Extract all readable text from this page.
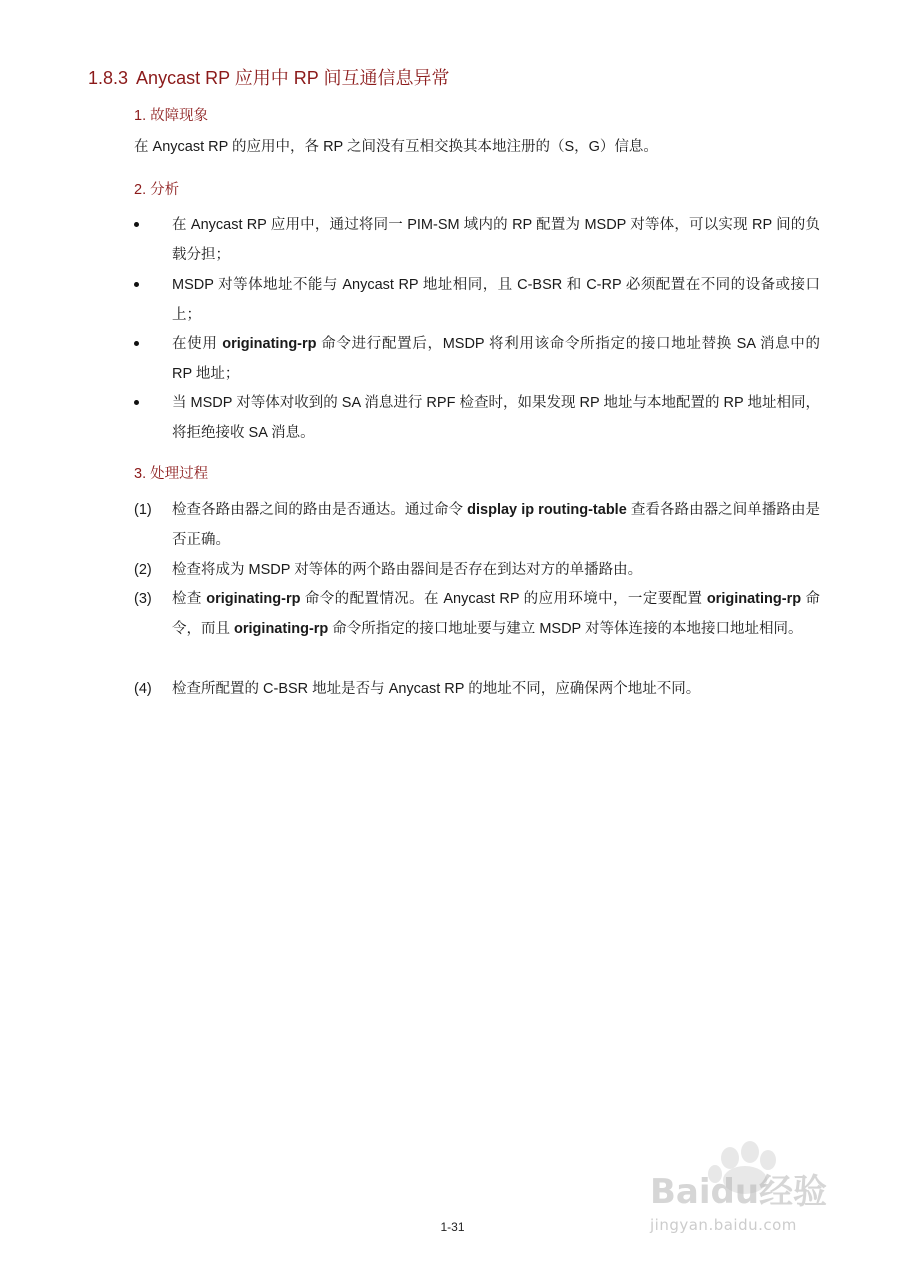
1.8.3 Anycast RP 应用中 RP 间互通信息异常
1. 故障现象
在 Anycast RP 的应用中，各 RP 之间没有互相交换其本地注册的（S，G）信息。
2. 分析
在 Anycast RP 应用中，通过将同一 PIM-SM 域内的 RP 配置为 MSDP 对等体，可以实现 RP 间的负载分担；
MSDP 对等体地址不能与 Anycast RP 地址相同，且 C-BSR 和 C-RP 必须配置在不同的设备或接口上；
在使用 originating-rp 命令进行配置后，MSDP 将利用该命令所指定的接口地址替换 SA 消息中的 RP 地址；
当 MSDP 对等体对收到的 SA 消息进行 RPF 检查时，如果发现 RP 地址与本地配置的 RP 地址相同，将拒绝接收 SA 消息。
3. 处理过程
(1) 检查各路由器之间的路由是否通达。通过命令 display ip routing-table 查看各路由器之间单播路由是否正确。
(2) 检查将成为 MSDP 对等体的两个路由器间是否存在到达对方的单播路由。
(3) 检查 originating-rp 命令的配置情况。在 Anycast RP 的应用环境中，一定要配置 originating-rp 命令，而且 originating-rp 命令所指定的接口地址要与建立 MSDP 对等体连接的本地接口地址相同。
(4) 检查所配置的 C-BSR 地址是否与 Anycast RP 的地址不同，应确保两个地址不同。
Baidu经验
jingyan.baidu.com
1-31
